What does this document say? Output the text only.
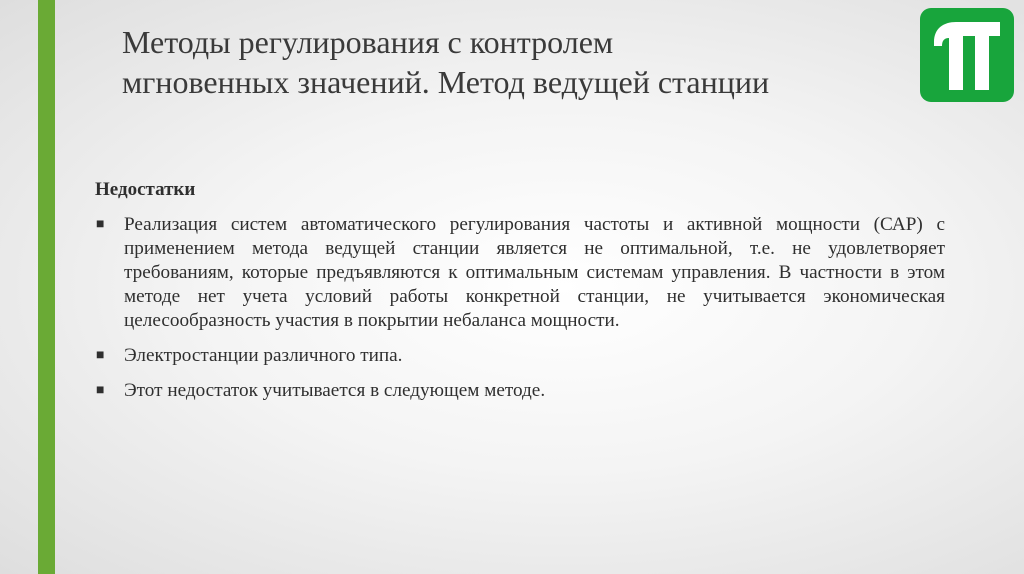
Методы регулирования с контролем
мгновенных значений. Метод ведущей станции
Недостатки
■ Реализация систем автоматического регулирования частоты и активной мощности (САР) с применением метода ведущей станции является не оптимальной, т.е. не удовлетворяет требованиям, которые предъявляются к оптимальным системам управления. В частности в этом методе нет учета условий работы конкретной станции, не учитывается экономическая целесообразность участия в покрытии небаланса мощности.
■ Электростанции различного типа.
■ Этот недостаток учитывается в следующем методе.
